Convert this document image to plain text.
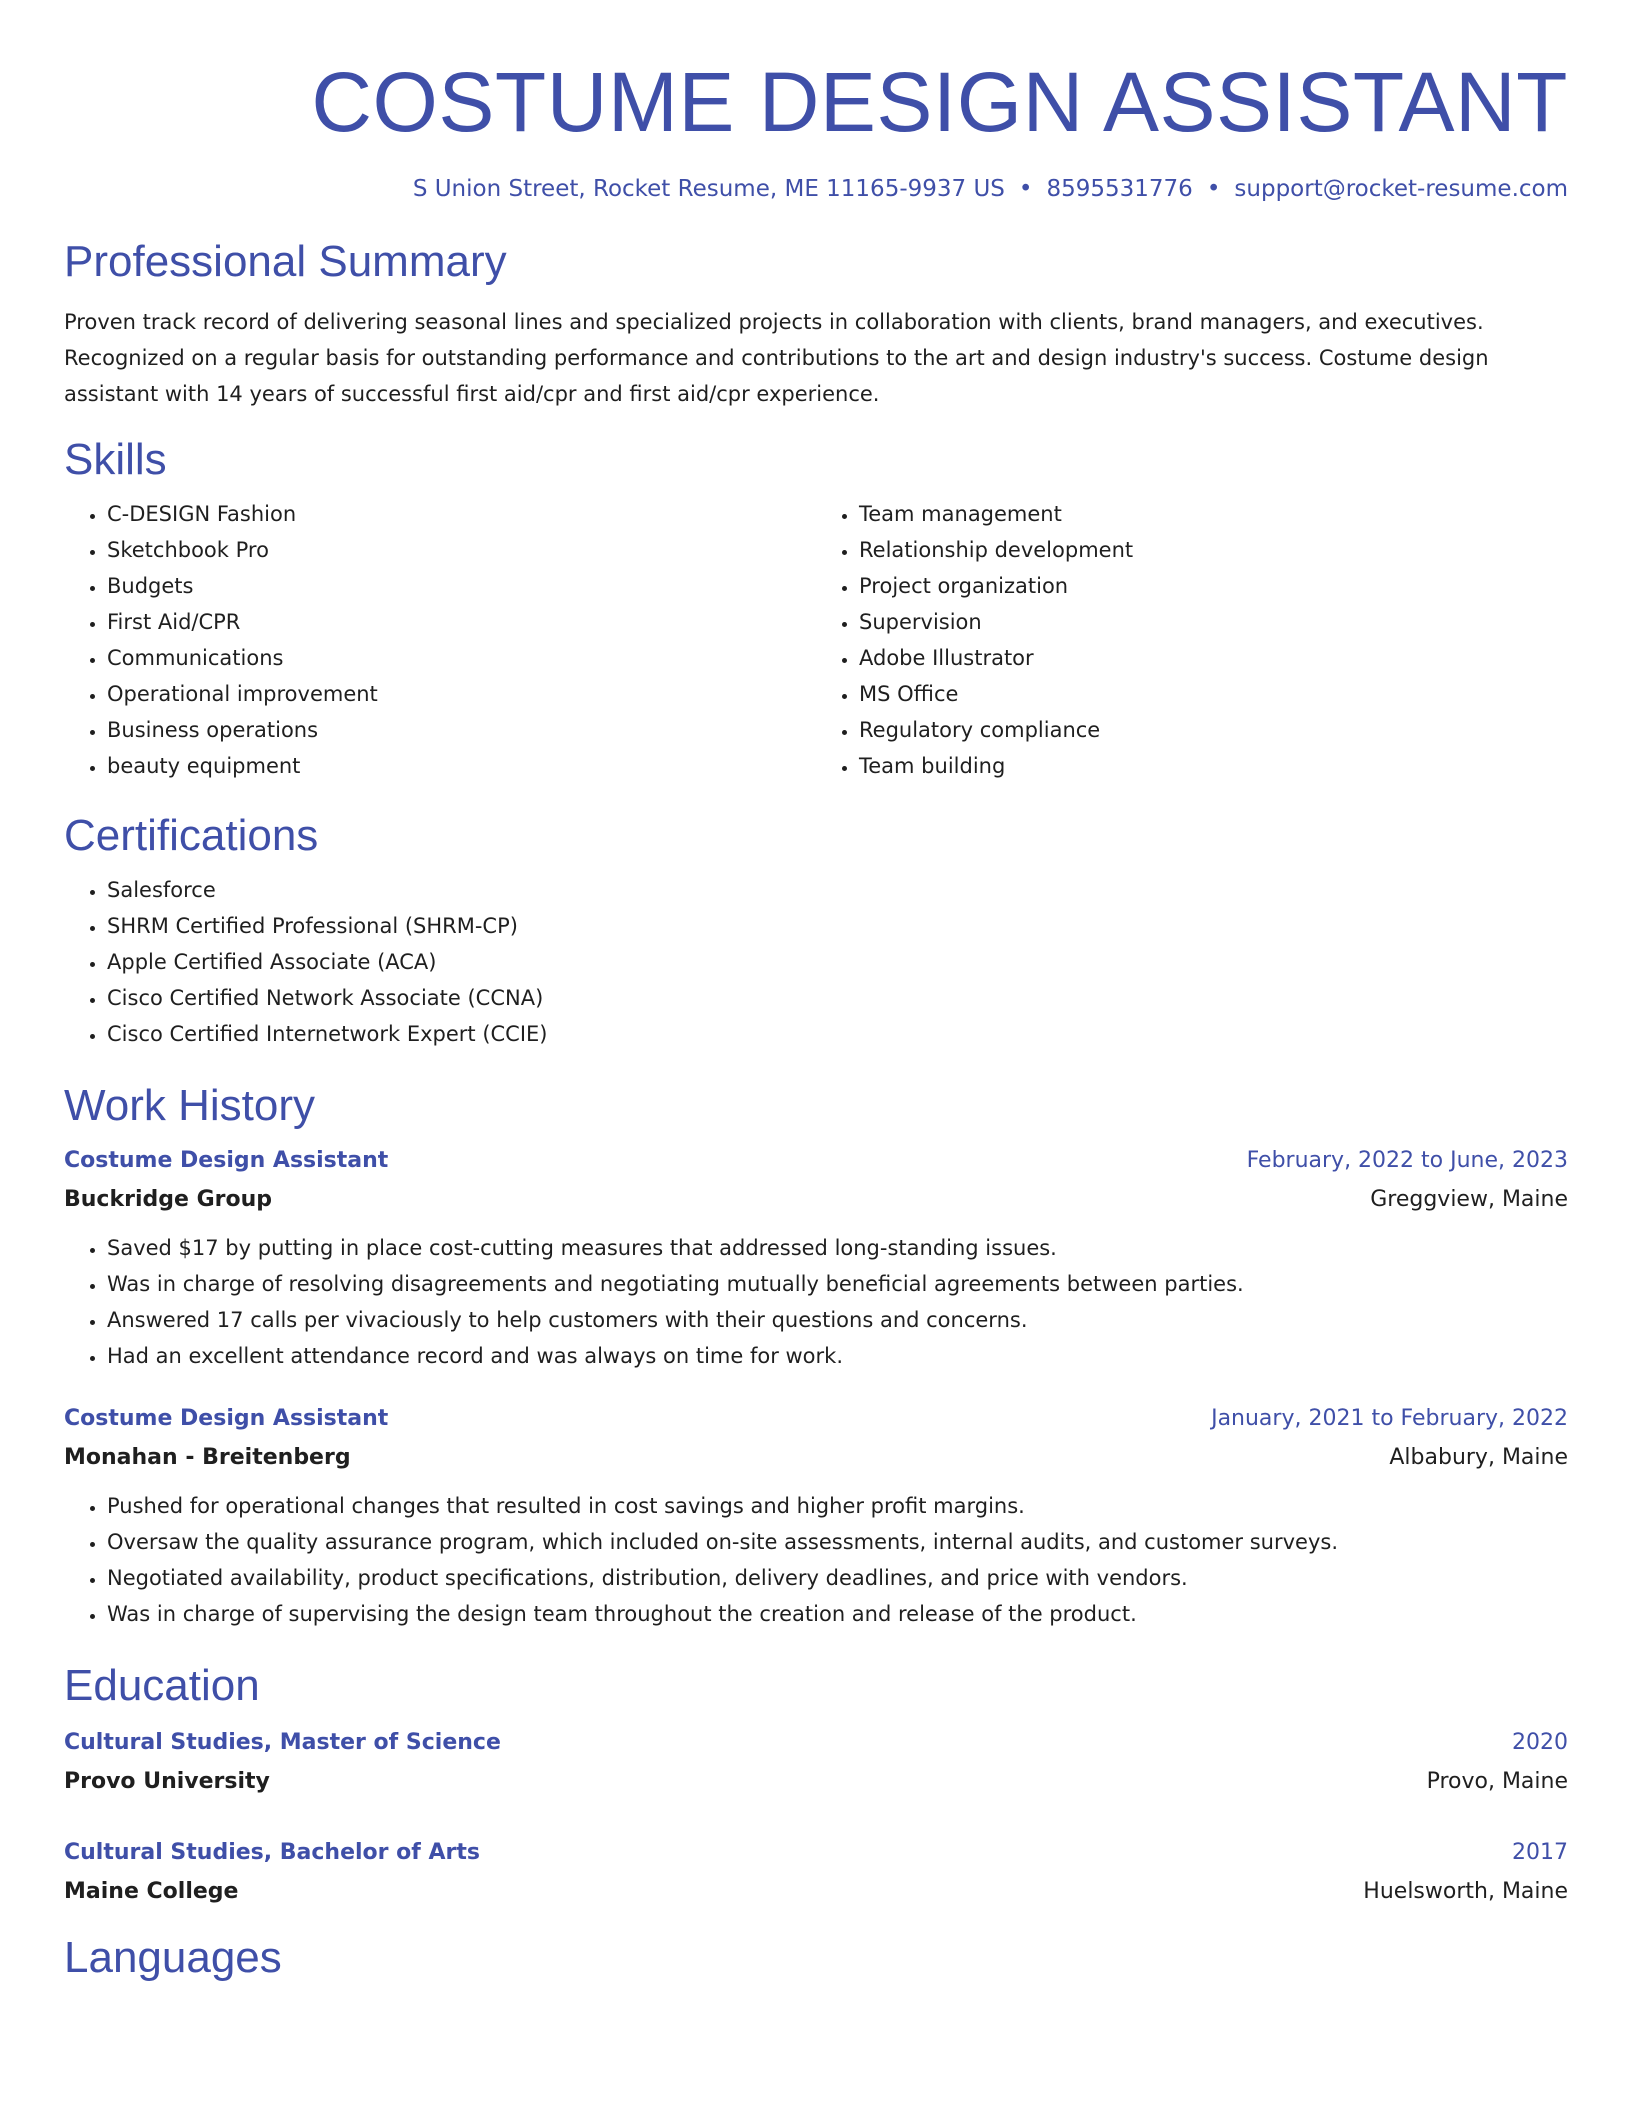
COSTUME DESIGN ASSISTANT
S Union Street, Rocket Resume, ME 11165-9937 US • 8595531776 • support@rocket-resume.com
Professional Summary
Proven track record of delivering seasonal lines and specialized projects in collaboration with clients, brand managers, and executives.
Recognized on a regular basis for outstanding performance and contributions to the art and design industry's success. Costume design
assistant with 14 years of successful first aid/cpr and first aid/cpr experience.
Skills
• C-DESIGN Fashion
• Sketchbook Pro
• Budgets
• First Aid/CPR
• Communications
• Operational improvement
• Business operations
• beauty equipment
• Team management
• Relationship development
• Project organization
• Supervision
• Adobe Illustrator
• MS Office
• Regulatory compliance
• Team building
Certifications
• Salesforce
• SHRM Certified Professional (SHRM-CP)
• Apple Certified Associate (ACA)
• Cisco Certified Network Associate (CCNA)
• Cisco Certified Internetwork Expert (CCIE)
Work History
Costume Design Assistant	February, 2022 to June, 2023
Buckridge Group	Greggview, Maine
• Saved $17 by putting in place cost-cutting measures that addressed long-standing issues.
• Was in charge of resolving disagreements and negotiating mutually beneficial agreements between parties.
• Answered 17 calls per vivaciously to help customers with their questions and concerns.
• Had an excellent attendance record and was always on time for work.
Costume Design Assistant	January, 2021 to February, 2022
Monahan - Breitenberg	Albabury, Maine
• Pushed for operational changes that resulted in cost savings and higher profit margins.
• Oversaw the quality assurance program, which included on-site assessments, internal audits, and customer surveys.
• Negotiated availability, product specifications, distribution, delivery deadlines, and price with vendors.
• Was in charge of supervising the design team throughout the creation and release of the product.
Education
Cultural Studies, Master of Science	2020
Provo University	Provo, Maine
Cultural Studies, Bachelor of Arts	2017
Maine College	Huelsworth, Maine
Languages
